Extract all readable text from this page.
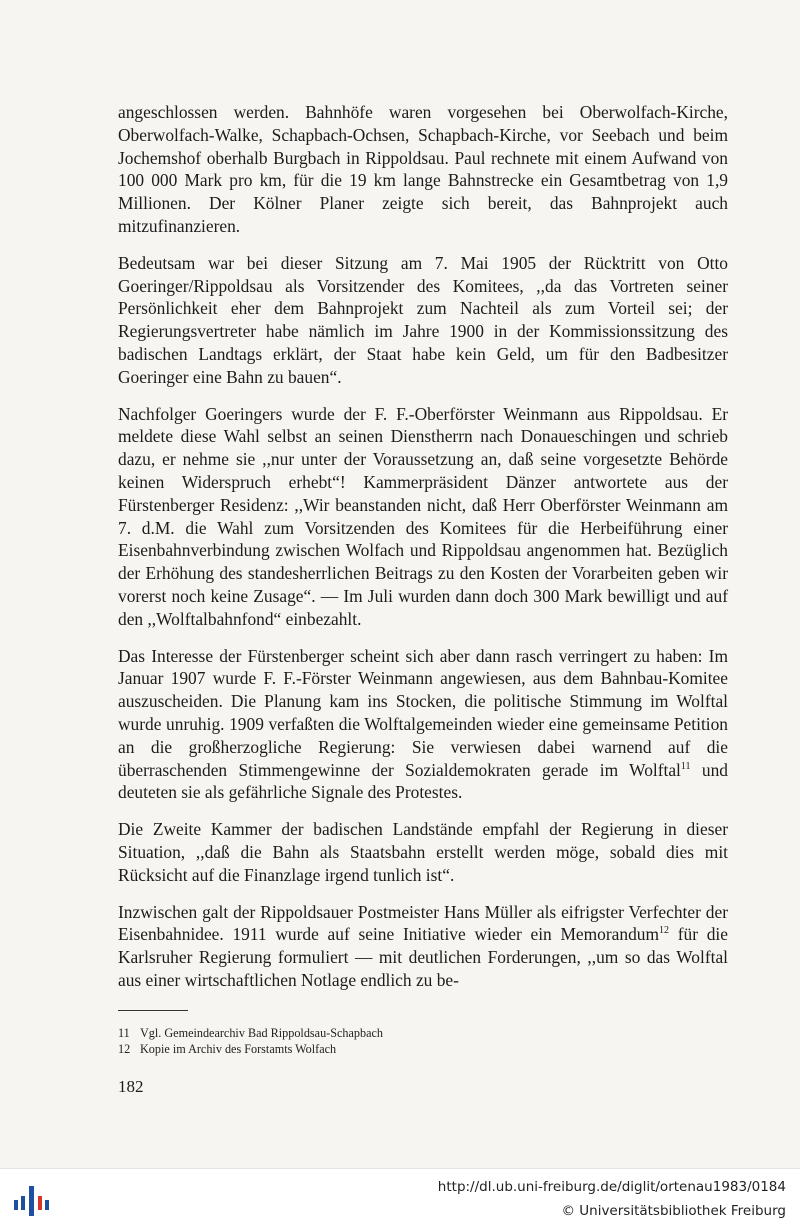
angeschlossen werden. Bahnhöfe waren vorgesehen bei Oberwolfach-Kirche, Oberwolfach-Walke, Schapbach-Ochsen, Schapbach-Kirche, vor Seebach und beim Jochemshof oberhalb Burgbach in Rippoldsau. Paul rechnete mit einem Aufwand von 100 000 Mark pro km, für die 19 km lange Bahnstrecke ein Gesamtbetrag von 1,9 Millionen. Der Kölner Planer zeigte sich bereit, das Bahnprojekt auch mitzufinanzieren.

Bedeutsam war bei dieser Sitzung am 7. Mai 1905 der Rücktritt von Otto Goeringer/Rippoldsau als Vorsitzender des Komitees, ,,da das Vortreten seiner Persönlichkeit eher dem Bahnprojekt zum Nachteil als zum Vorteil sei; der Regierungsvertreter habe nämlich im Jahre 1900 in der Kommissionssitzung des badischen Landtags erklärt, der Staat habe kein Geld, um für den Badbesitzer Goeringer eine Bahn zu bauen“.

Nachfolger Goeringers wurde der F. F.-Oberförster Weinmann aus Rippoldsau. Er meldete diese Wahl selbst an seinen Dienstherrn nach Donaueschingen und schrieb dazu, er nehme sie ,,nur unter der Voraussetzung an, daß seine vorgesetzte Behörde keinen Widerspruch erhebt“! Kammerpräsident Dänzer antwortete aus der Fürstenberger Residenz: ,,Wir beanstanden nicht, daß Herr Oberförster Weinmann am 7. d.M. die Wahl zum Vorsitzenden des Komitees für die Herbeiführung einer Eisenbahnverbindung zwischen Wolfach und Rippoldsau angenommen hat. Bezüglich der Erhöhung des standesherrlichen Beitrags zu den Kosten der Vorarbeiten geben wir vorerst noch keine Zusage“. — Im Juli wurden dann doch 300 Mark bewilligt und auf den ,,Wolftalbahnfond“ einbezahlt.

Das Interesse der Fürstenberger scheint sich aber dann rasch verringert zu haben: Im Januar 1907 wurde F. F.-Förster Weinmann angewiesen, aus dem Bahnbau-Komitee auszuscheiden. Die Planung kam ins Stocken, die politische Stimmung im Wolftal wurde unruhig. 1909 verfaßten die Wolftalgemeinden wieder eine gemeinsame Petition an die großherzogliche Regierung: Sie verwiesen dabei warnend auf die überraschenden Stimmengewinne der Sozialdemokraten gerade im Wolftal$^{11}$ und deuteten sie als gefährliche Signale des Protestes.

Die Zweite Kammer der badischen Landstände empfahl der Regierung in dieser Situation, ,,daß die Bahn als Staatsbahn erstellt werden möge, sobald dies mit Rücksicht auf die Finanzlage irgend tunlich ist“.

Inzwischen galt der Rippoldsauer Postmeister Hans Müller als eifrigster Verfechter der Eisenbahnidee. 1911 wurde auf seine Initiative wieder ein Memorandum$^{12}$ für die Karlsruher Regierung formuliert — mit deutlichen Forderungen, ,,um so das Wolftal aus einer wirtschaftlichen Notlage endlich zu be-

11 Vgl. Gemeindearchiv Bad Rippoldsau-Schapbach
12 Kopie im Archiv des Forstamts Wolfach
182
http://dl.ub.uni-freiburg.de/diglit/ortenau1983/0184
© Universitätsbibliothek Freiburg
